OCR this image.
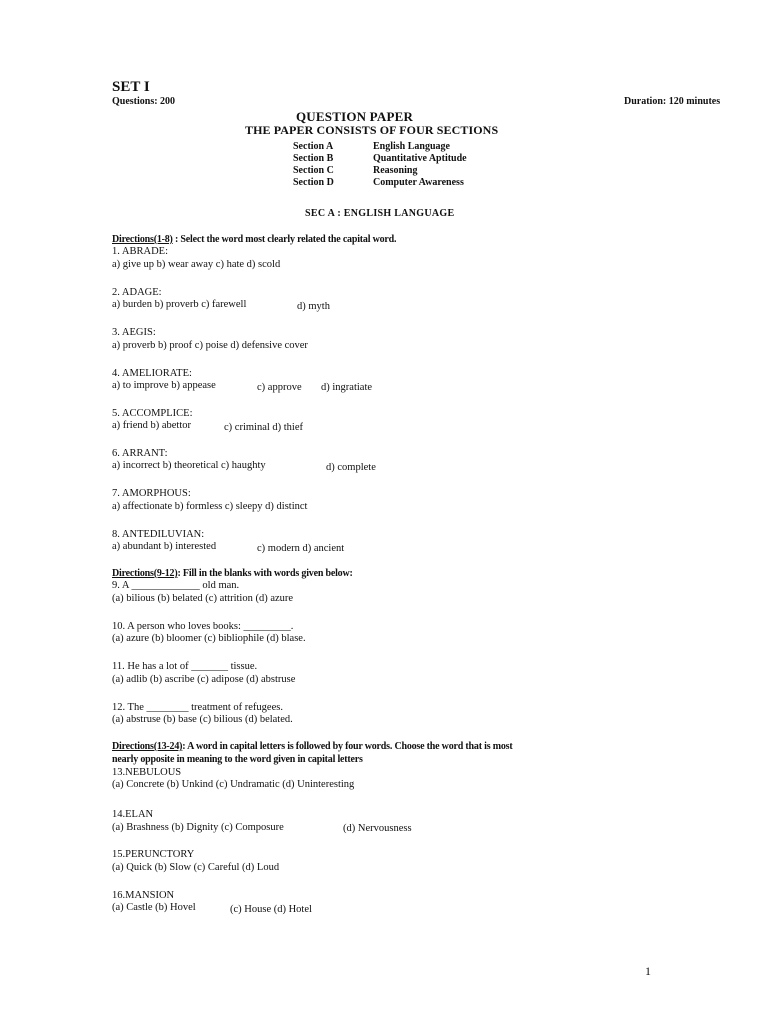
SET I
Questions: 200	Duration: 120 minutes
QUESTION PAPER
THE PAPER CONSISTS OF FOUR SECTIONS
Section A	English Language
Section B	Quantitative Aptitude
Section C	Reasoning
Section D	Computer Awareness
SEC A : ENGLISH LANGUAGE
Directions(1-8) : Select the word most clearly related the capital word.
1. ABRADE:
a) give up b) wear away c) hate d) scold
2. ADAGE:
a) burden b) proverb c) farewell	d) myth
3. AEGIS:
a) proverb b) proof c) poise d) defensive cover
4. AMELIORATE:
a) to improve b) appease	c) approve d) ingratiate
5. ACCOMPLICE:
a) friend b) abettor	c) criminal d) thief
6. ARRANT:
a) incorrect b) theoretical c) haughty	d) complete
7. AMORPHOUS:
a) affectionate b) formless c) sleepy d) distinct
8. ANTEDILUVIAN:
a) abundant b) interested	c) modern d) ancient
Directions(9-12): Fill in the blanks with words given below:
9. A _____________ old man.
(a) bilious (b) belated (c) attrition (d) azure
10. A person who loves books: _________.
(a) azure (b) bloomer (c) bibliophile (d) blase.
11. He has a lot of _______ tissue.
(a) adlib (b) ascribe (c) adipose (d) abstruse
12. The ________ treatment of refugees.
(a) abstruse (b) base (c) bilious (d) belated.
Directions(13-24): A word in capital letters is followed by four words. Choose the word that is most
nearly opposite in meaning to the word given in capital letters
13.NEBULOUS
(a) Concrete (b) Unkind (c) Undramatic (d) Uninteresting
14.ELAN
(a) Brashness (b) Dignity (c) Composure	(d) Nervousness
15.PERUNCTORY
(a) Quick (b) Slow (c) Careful (d) Loud
16.MANSION
(a) Castle (b) Hovel	(c) House (d) Hotel
1
